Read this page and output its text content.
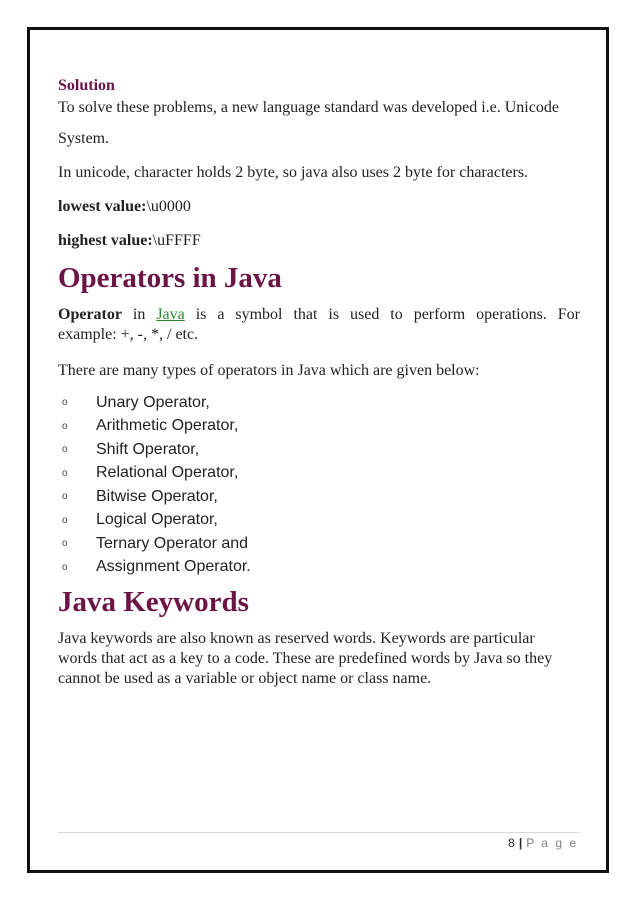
Solution

To solve these problems, a new language standard was developed i.e. Unicode

System.

In unicode, character holds 2 byte, so java also uses 2 byte for characters.

lowest value:\u0000

highest value:\uFFFF

Operators in Java

Operator in Java is a symbol that is used to perform operations. For

example: +, -, *, / etc.

There are many types of operators in Java which are given below:

o	Unary Operator,
o	Arithmetic Operator,
o	Shift Operator,
o	Relational Operator,
o	Bitwise Operator,
o	Logical Operator,
o	Ternary Operator and
o	Assignment Operator.
Java Keywords

Java keywords are also known as reserved words. Keywords are particular

words that act as a key to a code. These are predefined words by Java so they

cannot be used as a variable or object name or class name.

8 | P a g e
